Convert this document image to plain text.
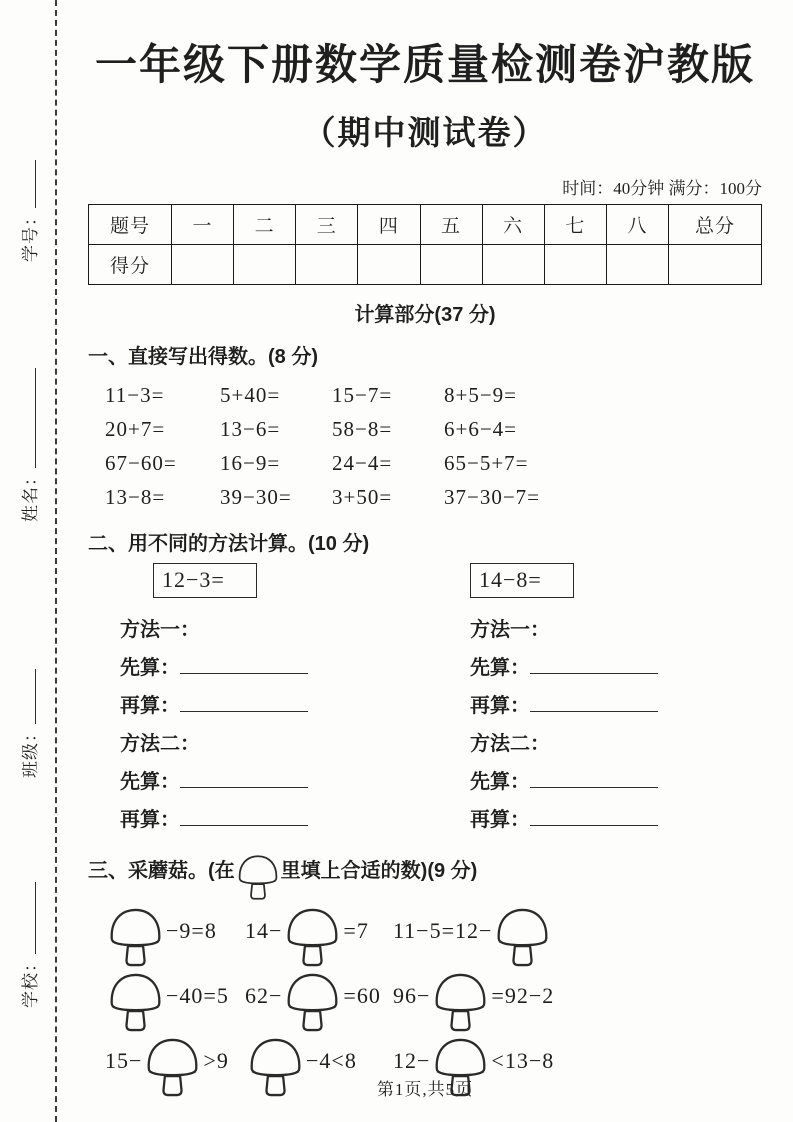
学号：
姓名：
班级：
学校：
一年级下册数学质量检测卷沪教版
（期中测试卷）
时间：40分钟 满分：100分
题号	一	二	三	四	五	六	七	八	总分
得分									
计算部分(37 分)
一、直接写出得数。(8 分)
11−3=	5+40=	15−7=	8+5−9=
20+7=	13−6=	58−8=	6+6−4=
67−60=	16−9=	24−4=	65−5+7=
13−8=	39−30=	3+50=	37−30−7=
二、用不同的方法计算。(10 分)
12−3=
方法一：
先算：
再算：
方法二：
先算：
再算：
14−8=
方法一：
先算：
再算：
方法二：
先算：
再算：
三、采蘑菇。(在 里填上合适的数)(9 分)
−9=8 14−	=7 11−5=12−
−40=5 62−	=60 96−	=92−2
15−	>9	−4<8 12−	<13−8
第1页,共5页
